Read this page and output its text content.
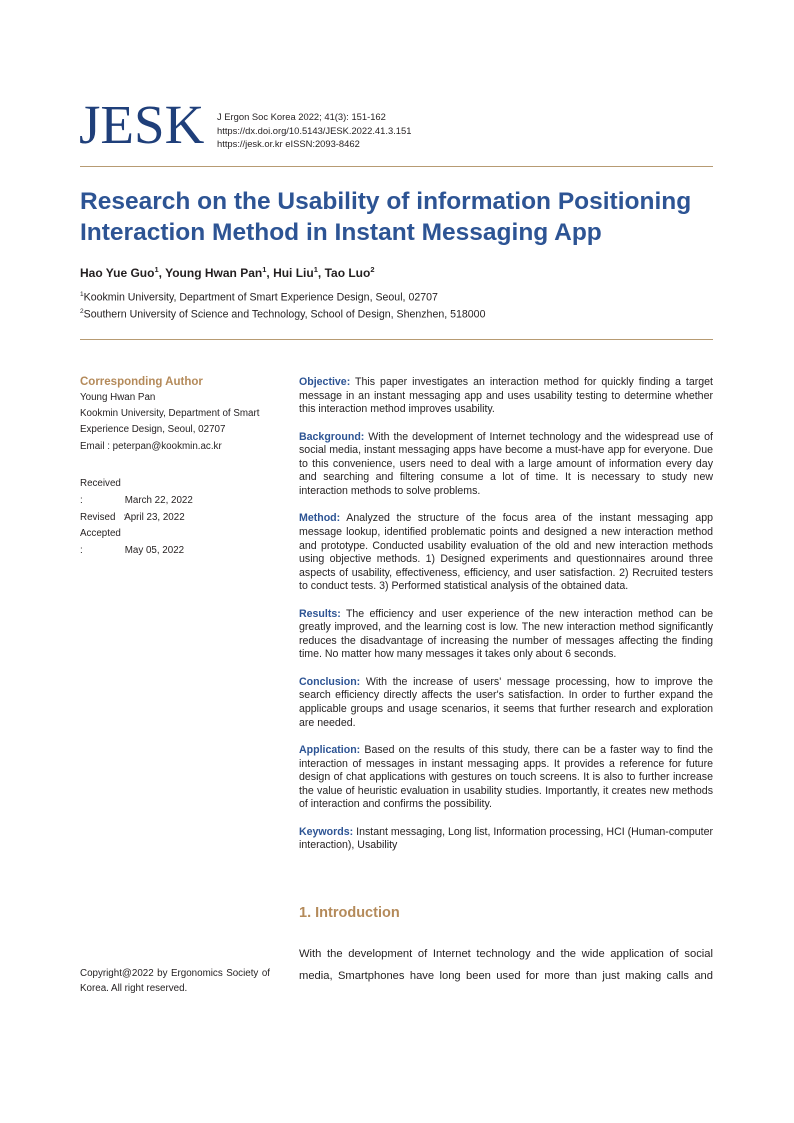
JESK J Ergon Soc Korea 2022; 41(3): 151-162
https://dx.doi.org/10.5143/JESK.2022.41.3.151
https://jesk.or.kr eISSN:2093-8462
Research on the Usability of information Positioning
Interaction Method in Instant Messaging App
Hao Yue Guo$^1$, Young Hwan Pan$^1$, Hui Liu$^1$, Tao Luo$^2$
$^1$Kookmin University, Department of Smart Experience Design, Seoul, 02707
$^2$Southern University of Science and Technology, School of Design, Shenzhen, 518000
Corresponding Author
Young Hwan Pan
Kookmin University, Department of Smart
Experience Design, Seoul, 02707
Email : peterpan@kookmin.ac.kr
Received :	March 22, 2022
Revised   : April 23, 2022
Accepted :	May 05, 2022
Copyright@2022 by Ergonomics Society of Korea. All right reserved.

Objective: This paper investigates an interaction method for quickly finding a target message in an instant messaging app and uses usability testing to determine whether this interaction method improves usability.

Background: With the development of Internet technology and the widespread use of social media, instant messaging apps have become a must-have app for everyone. Due to this convenience, users need to deal with a large amount of information every day and searching and filtering consume a lot of time. It is necessary to study new interaction methods to solve problems.

Method: Analyzed the structure of the focus area of the instant messaging app message lookup, identified problematic points and designed a new interaction method and prototype. Conducted usability evaluation of the old and new interaction methods using objective methods. 1) Designed experiments and questionnaires around three aspects of usability, effectiveness, efficiency, and user satisfaction. 2) Recruited testers to conduct tests. 3) Performed statistical analysis of the obtained data.

Results: The efficiency and user experience of the new interaction method can be greatly improved, and the learning cost is low. The new interaction method significantly reduces the disadvantage of increasing the number of messages affecting the finding time. No matter how many messages it takes only about 6 seconds.

Conclusion: With the increase of users' message processing, how to improve the search efficiency directly affects the user's satisfaction. In order to further expand the applicable groups and usage scenarios, it seems that further research and exploration are needed.

Application: Based on the results of this study, there can be a faster way to find the interaction of messages in instant messaging apps. It provides a reference for future design of chat applications with gestures on touch screens. It is also to further increase the value of heuristic evaluation in usability studies. Importantly, it creates new methods of interaction and confirms the possibility.

Keywords: Instant messaging, Long list, Information processing, HCI (Human-computer interaction), Usability

1. Introduction

With the development of Internet technology and the wide application of social

media, Smartphones have long been used for more than just making calls and
